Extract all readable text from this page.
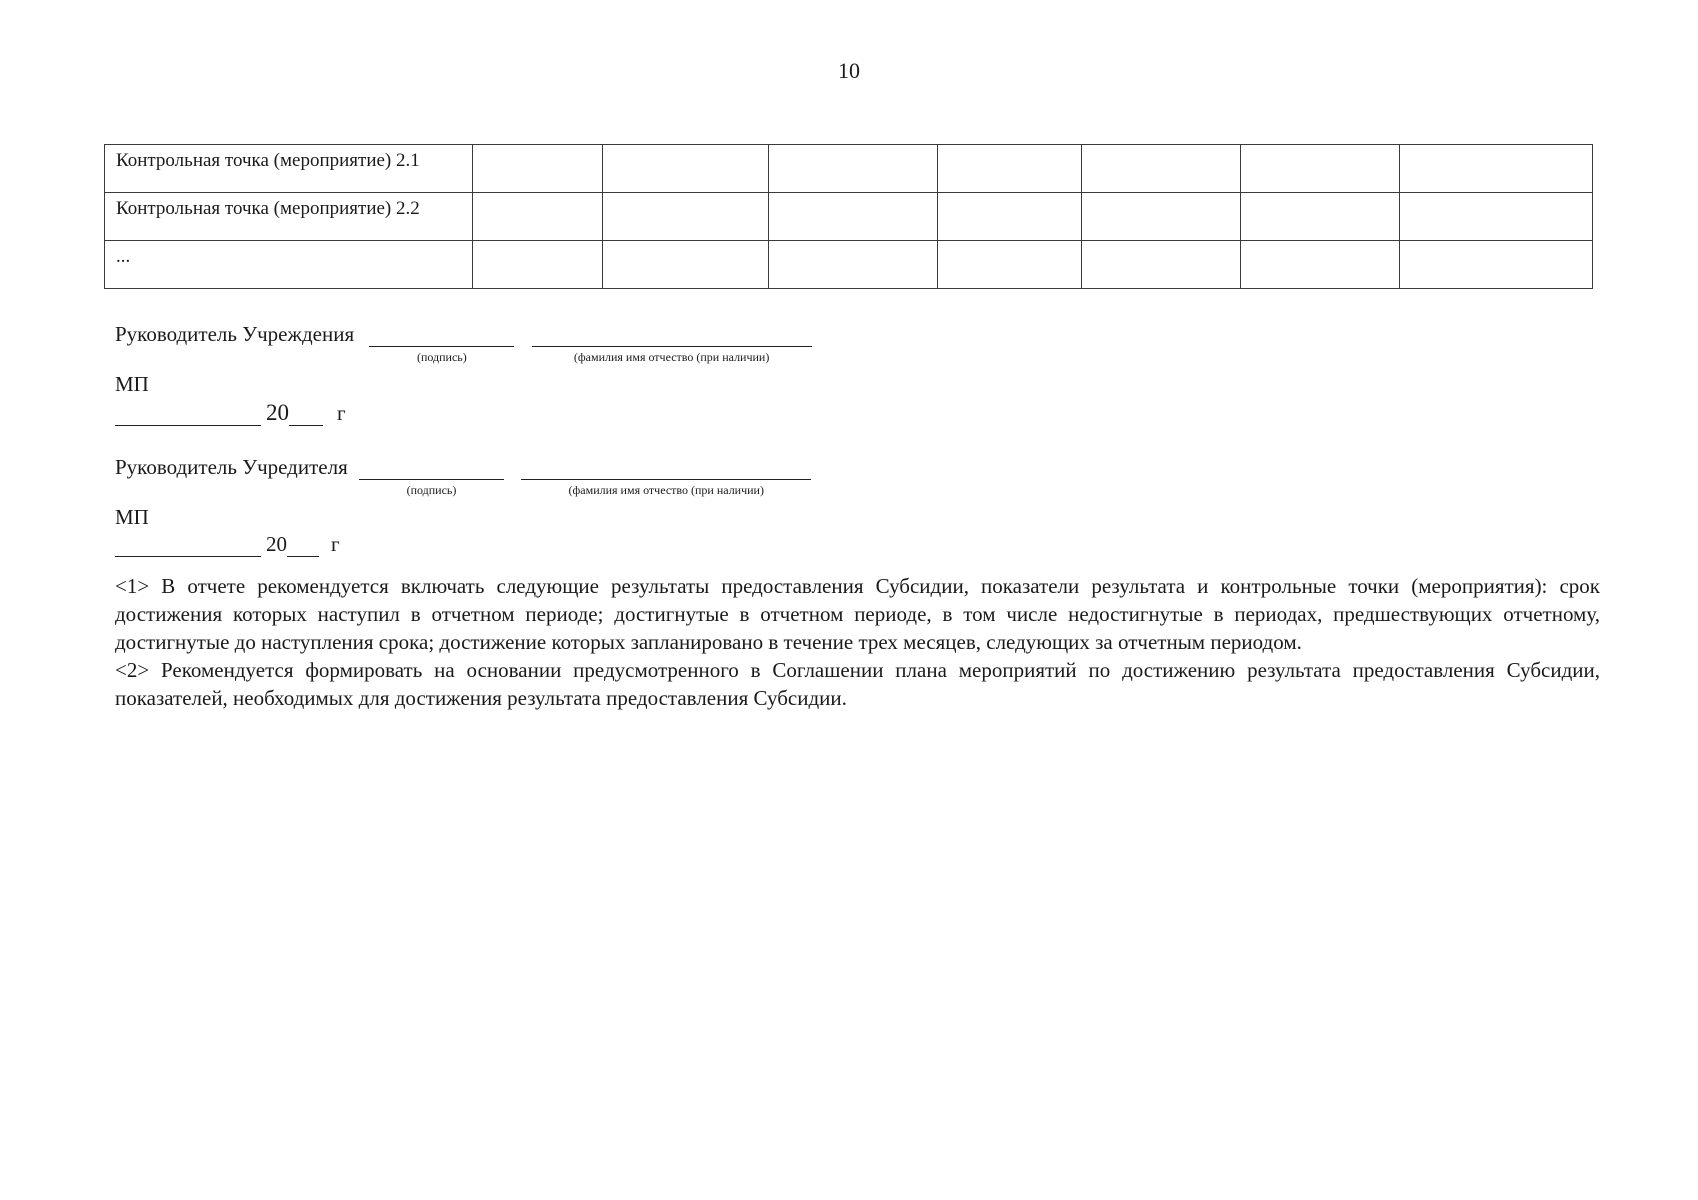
10
Контрольная точка (мероприятие) 2.1							
Контрольная точка (мероприятие) 2.2							
...							
Руководитель Учреждения
(подпись)
	(фамилия имя отчество (при наличии)
МП
20 г
Руководитель Учредителя
(подпись)
	(фамилия имя отчество (при наличии)
МП
20 г

<1> В отчете рекомендуется включать следующие результаты предоставления Субсидии, показатели результата и контрольные точки (мероприятия): срок достижения которых наступил в отчетном периоде; достигнутые в отчетном периоде, в том числе недостигнутые в периодах, предшествующих отчетному, достигнутые до наступления срока; достижение которых запланировано в течение трех месяцев, следующих за отчетным периодом.

<2> Рекомендуется формировать на основании предусмотренного в Соглашении плана мероприятий по достижению результата предоставления Субсидии, показателей, необходимых для достижения результата предоставления Субсидии.
